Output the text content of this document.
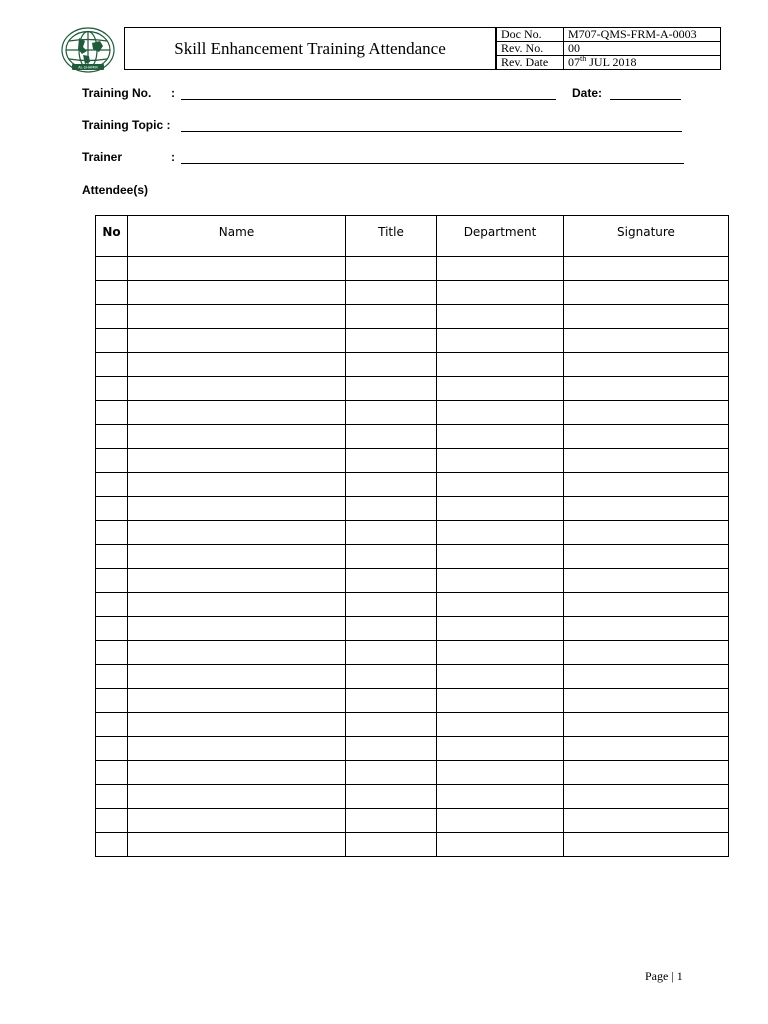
AL-SHAMIR
Skill Enhancement Training Attendance
Doc No.	M707-QMS-FRM-A-0003
Rev. No.	00
Rev. Date	07th JUL 2018
Training No. :	Date:
Training Topic :
Trainer	:
Attendee(s)
No	Name	Title	Department	Signature

Page | 1
